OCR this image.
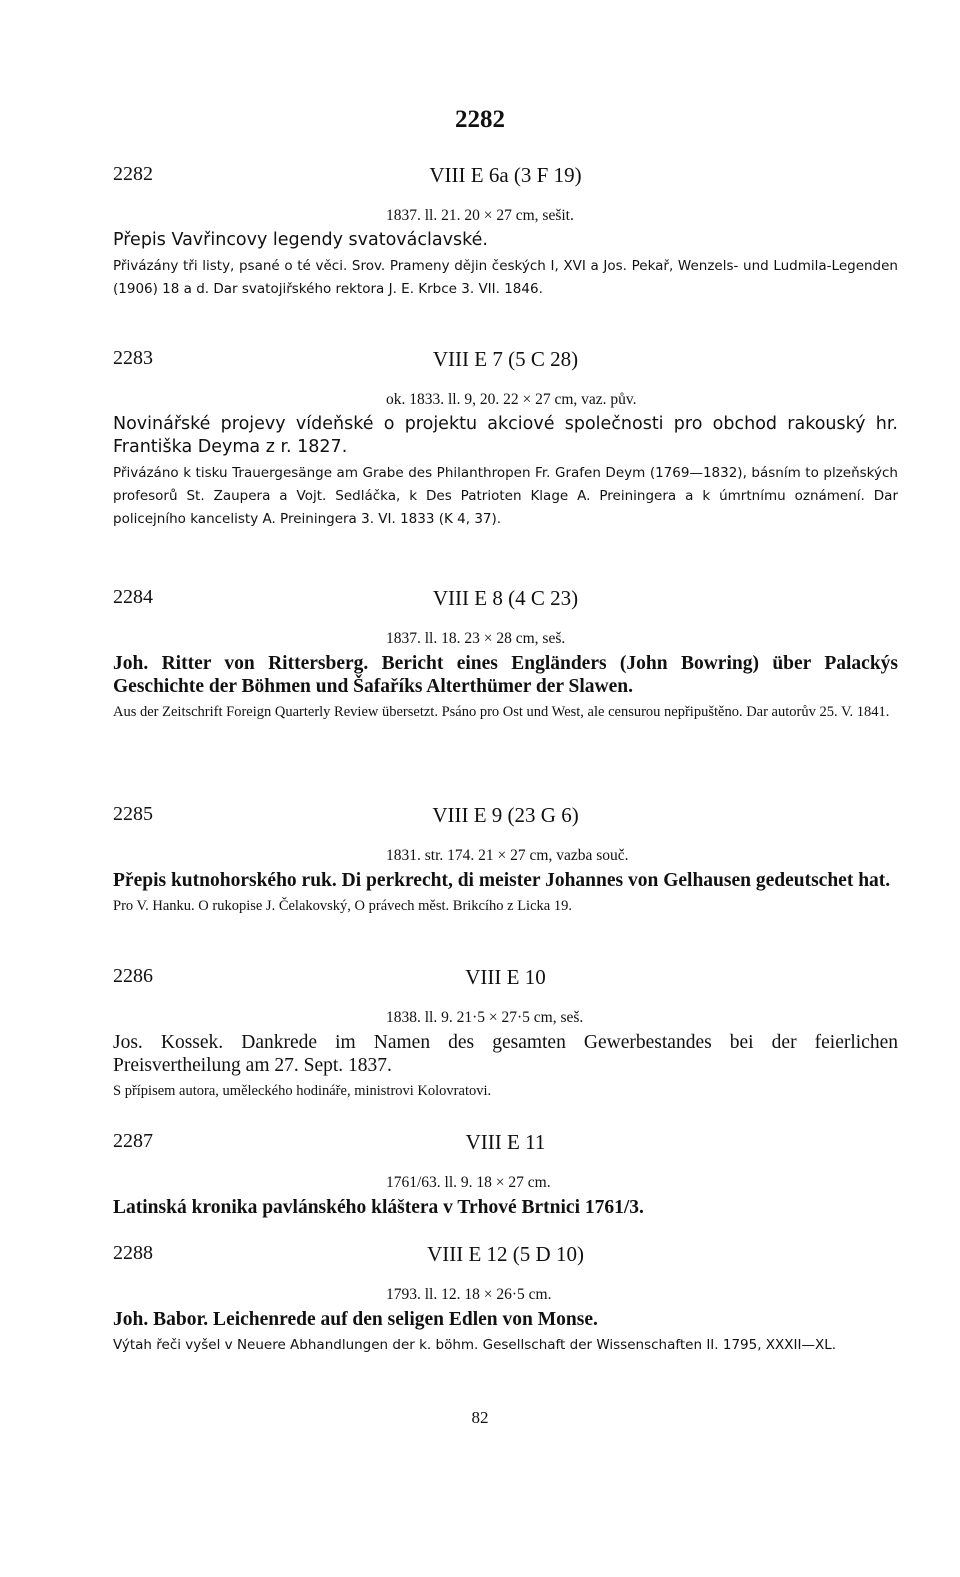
2282
2282	VIII E 6a (3 F 19)
1837. ll. 21. 20 × 27 cm, sešit.
Přepis Vavřincovy legendy svatováclavské.
Přivázány tři listy, psané o té věci. Srov. Prameny dějin českých I, XVI a Jos. Pekař, Wenzels- und Ludmila-Legenden (1906) 18 a d. Dar svatojiřského rektora J. E. Krbce 3. VII. 1846.
2283	VIII E 7 (5 C 28)
ok. 1833. ll. 9, 20. 22 × 27 cm, vaz. pův.
Novinářské projevy vídeňské o projektu akciové společnosti pro obchod rakouský hr. Františka Deyma z r. 1827.
Přivázáno k tisku Trauergesänge am Grabe des Philanthropen Fr. Grafen Deym (1769—1832), básním to plzeňských profesorů St. Zaupera a Vojt. Sedláčka, k Des Patrioten Klage A. Preiningera a k úmrtnímu oznámení. Dar policejního kancelisty A. Preiningera 3. VI. 1833 (K 4, 37).
2284	VIII E 8 (4 C 23)
1837. ll. 18. 23 × 28 cm, seš.
Joh. Ritter von Rittersberg. Bericht eines Engländers (John Bowring) über Palackýs Geschichte der Böhmen und Šafaříks Alterthümer der Slawen.
Aus der Zeitschrift Foreign Quarterly Review übersetzt. Psáno pro Ost und West, ale censurou nepřipuštěno. Dar autorův 25. V. 1841.
2285	VIII E 9 (23 G 6)
1831. str. 174. 21 × 27 cm, vazba souč.
Přepis kutnohorského ruk. Di perkrecht, di meister Johannes von Gelhausen gedeutschet hat.
Pro V. Hanku. O rukopise J. Čelakovský, O právech měst. Brikcího z Licka 19.
2286	VIII E 10
1838. ll. 9. 21·5 × 27·5 cm, seš.
Jos. Kossek. Dankrede im Namen des gesamten Gewerbestandes bei der feierlichen Preisvertheilung am 27. Sept. 1837.
S přípisem autora, uměleckého hodináře, ministrovi Kolovratovi.
2287	VIII E 11
1761/63. ll. 9. 18 × 27 cm.
Latinská kronika pavlánského kláštera v Trhové Brtnici 1761/3.
2288	VIII E 12 (5 D 10)
1793. ll. 12. 18 × 26·5 cm.
Joh. Babor. Leichenrede auf den seligen Edlen von Monse.
Výtah řeči vyšel v Neuere Abhandlungen der k. böhm. Gesellschaft der Wissenschaften II. 1795, XXXII—XL.
82
